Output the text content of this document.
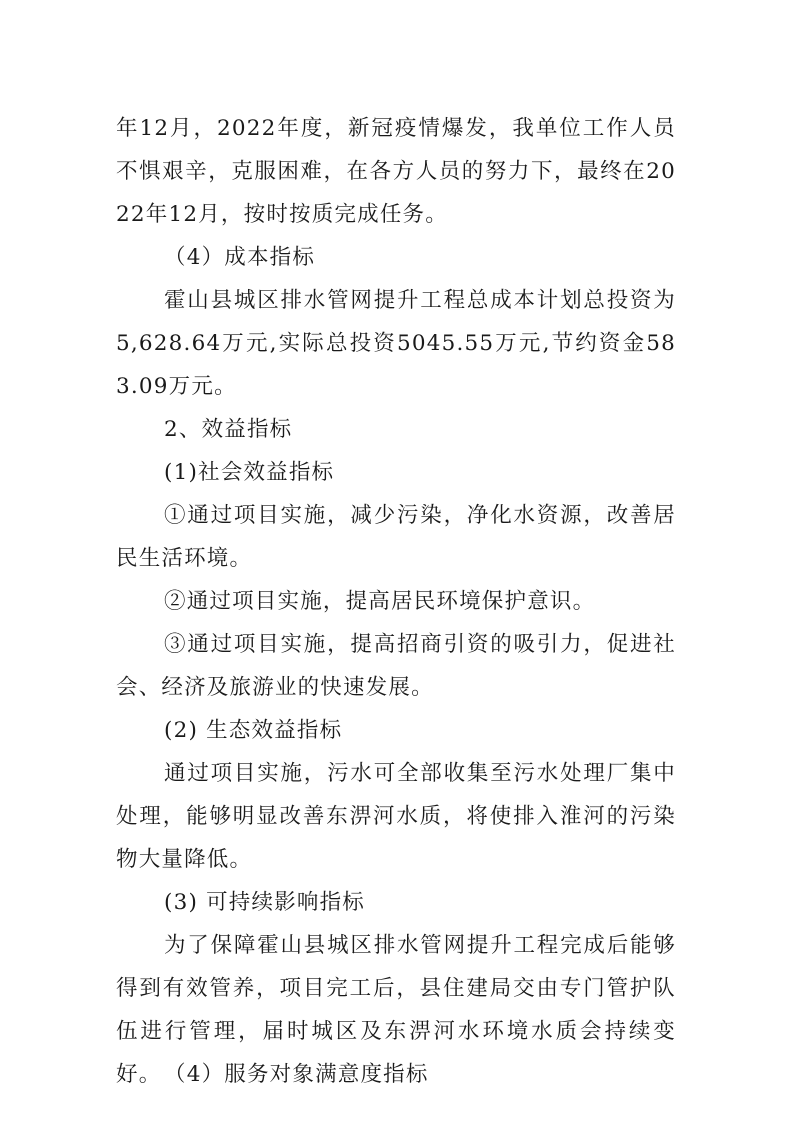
年12月，2022年度，新冠疫情爆发，我单位工作人员不惧艰辛，克服困难，在各方人员的努力下，最终在2022年12月，按时按质完成任务。

（4）成本指标

霍山县城区排水管网提升工程总成本计划总投资为5,628.64万元,实际总投资5045.55万元,节约资金583.09万元。

2、效益指标

(1)社会效益指标

①通过项目实施，减少污染，净化水资源，改善居民生活环境。

②通过项目实施，提高居民环境保护意识。

③通过项目实施，提高招商引资的吸引力，促进社会、经济及旅游业的快速发展。

(2) 生态效益指标

通过项目实施，污水可全部收集至污水处理厂集中处理，能够明显改善东淠河水质，将使排入淮河的污染物大量降低。

(3) 可持续影响指标

为了保障霍山县城区排水管网提升工程完成后能够得到有效管养，项目完工后，县住建局交由专门管护队伍进行管理，届时城区及东淠河水环境水质会持续变好。 （4）服务对象满意度指标
